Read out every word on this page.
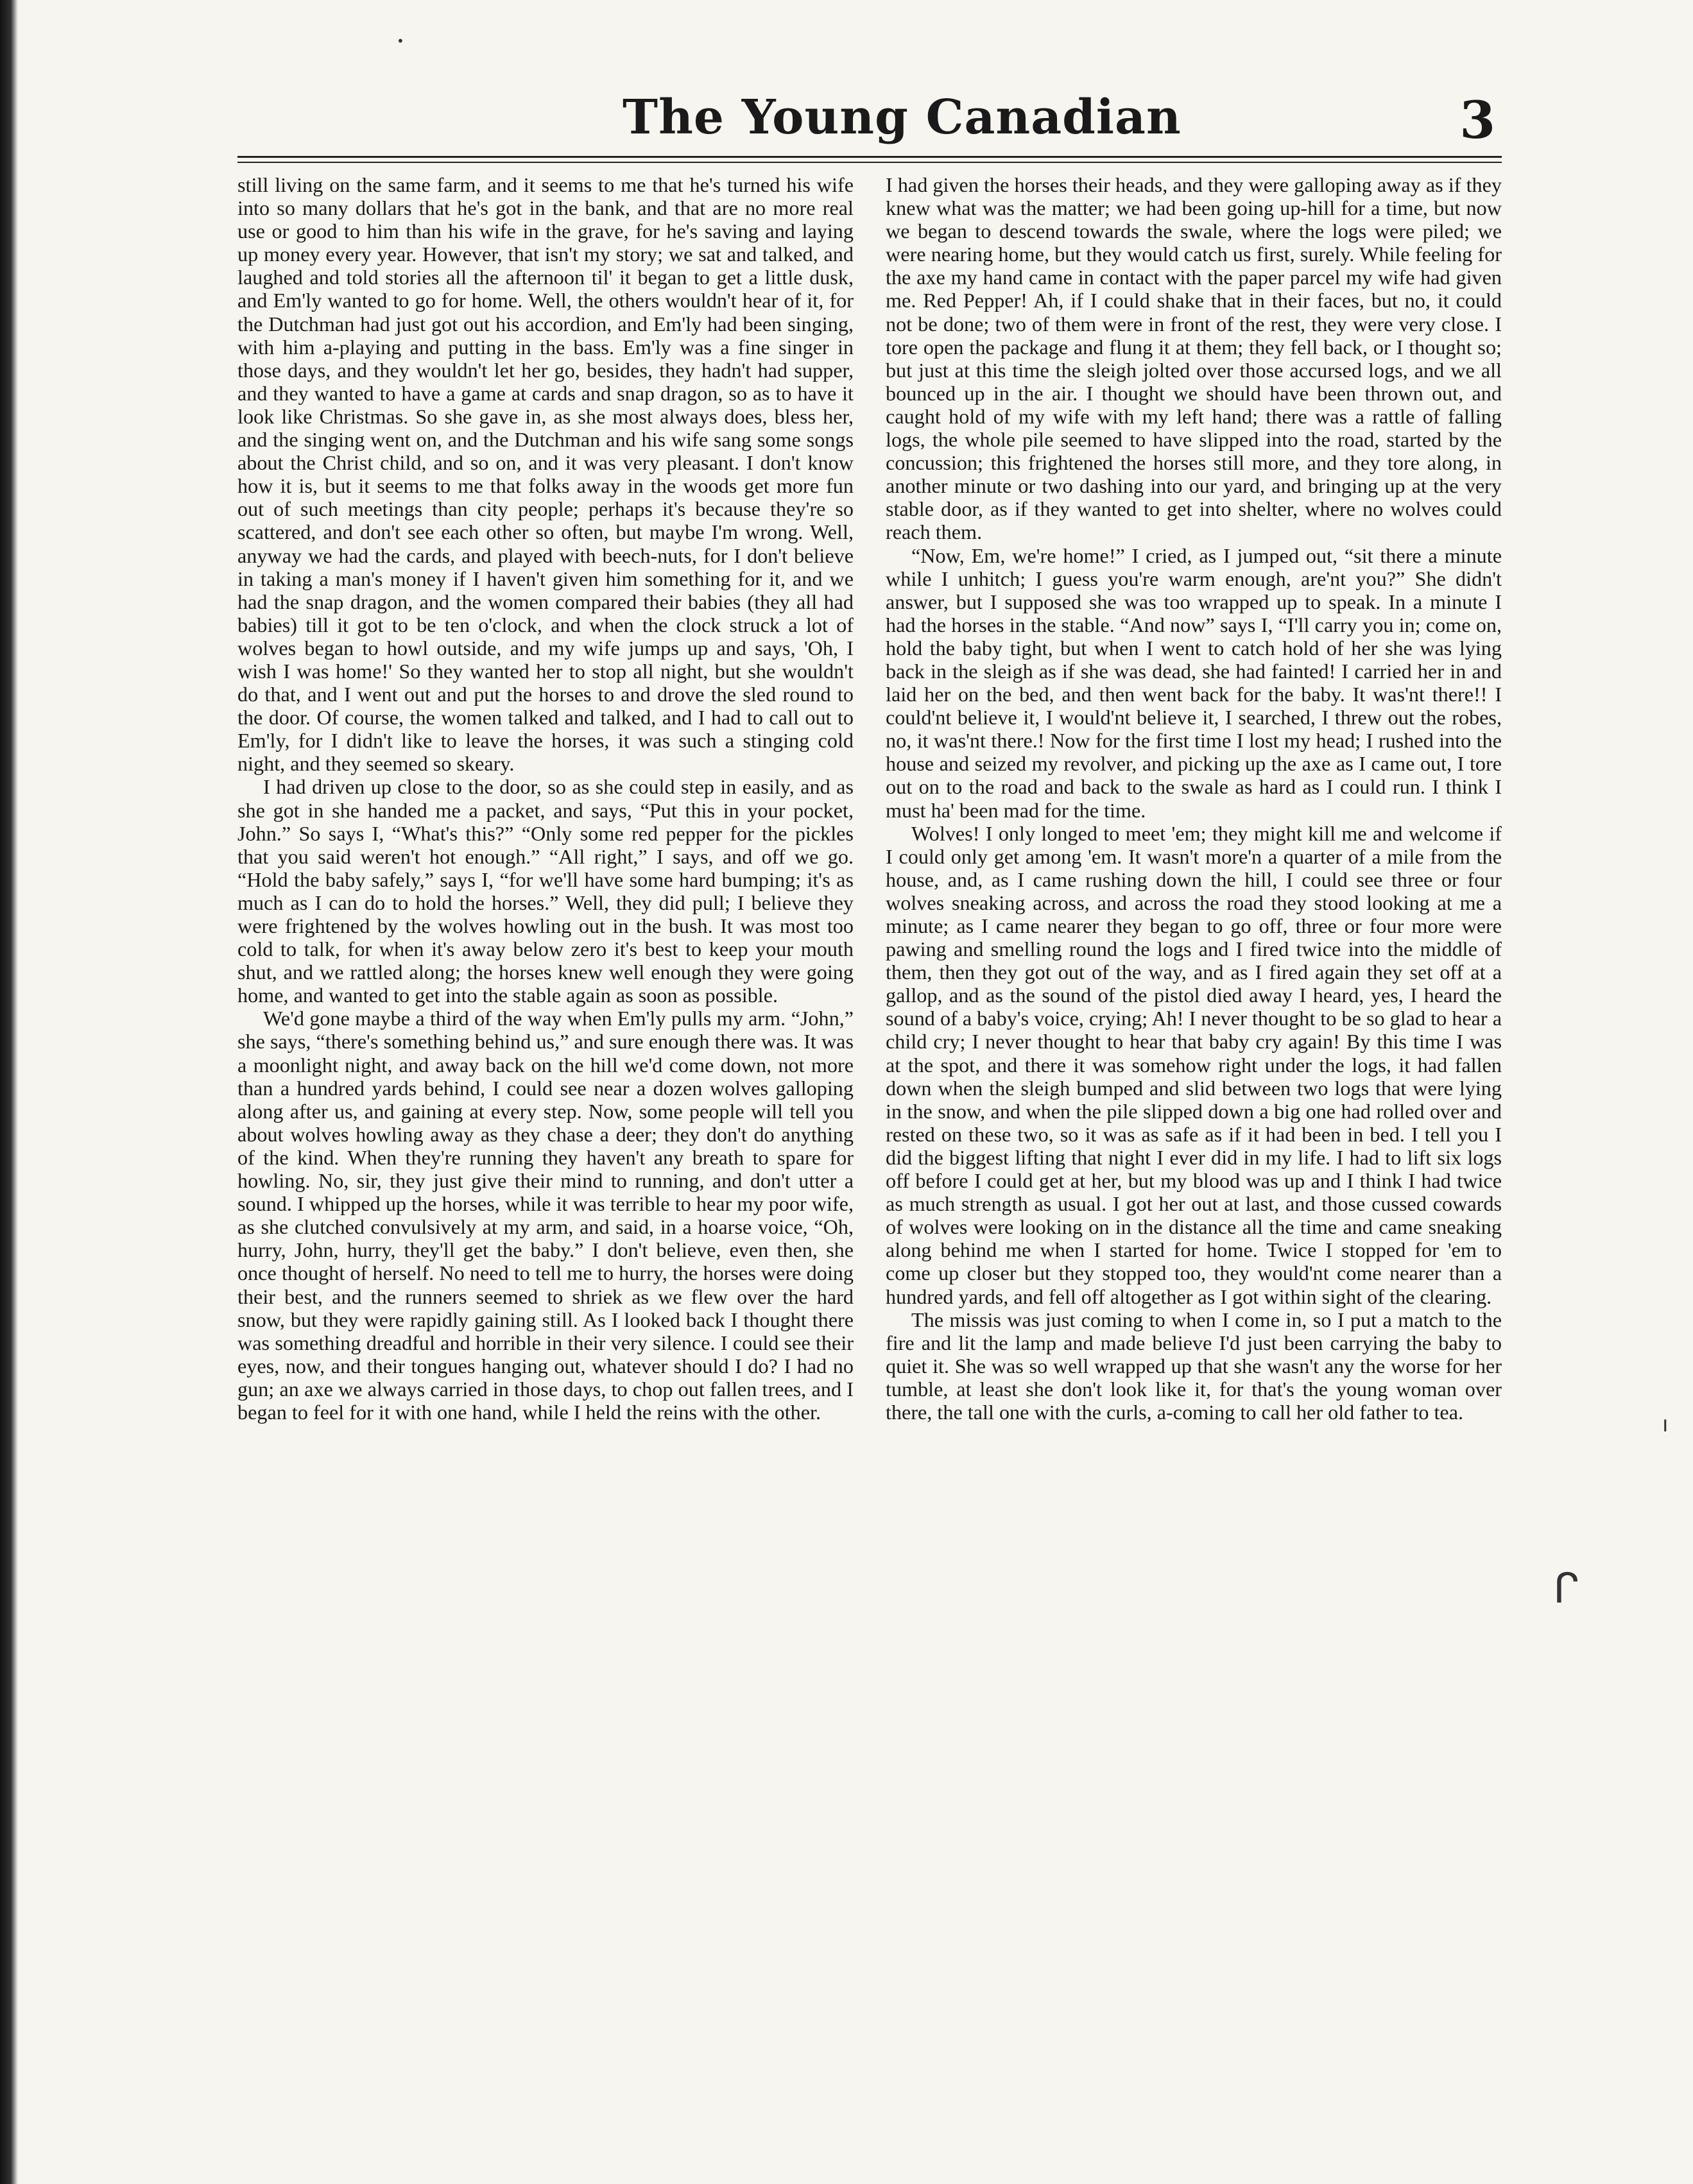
•
The Young Canadian	3

still living on the same farm, and it seems to me that he's turned his wife into so many dollars that he's got in the bank, and that are no more real use or good to him than his wife in the grave, for he's saving and laying up money every year. However, that isn't my story; we sat and talked, and laughed and told stories all the afternoon til' it began to get a little dusk, and Em'ly wanted to go for home. Well, the others wouldn't hear of it, for the Dutchman had just got out his accordion, and Em'ly had been singing, with him a-playing and putting in the bass. Em'ly was a fine singer in those days, and they wouldn't let her go, besides, they hadn't had supper, and they wanted to have a game at cards and snap dragon, so as to have it look like Christmas. So she gave in, as she most always does, bless her, and the singing went on, and the Dutchman and his wife sang some songs about the Christ child, and so on, and it was very pleasant. I don't know how it is, but it seems to me that folks away in the woods get more fun out of such meetings than city people; perhaps it's because they're so scattered, and don't see each other so often, but maybe I'm wrong. Well, anyway we had the cards, and played with beech-nuts, for I don't believe in taking a man's money if I haven't given him something for it, and we had the snap dragon, and the women compared their babies (they all had babies) till it got to be ten o'clock, and when the clock struck a lot of wolves began to howl outside, and my wife jumps up and says, 'Oh, I wish I was home!' So they wanted her to stop all night, but she wouldn't do that, and I went out and put the horses to and drove the sled round to the door. Of course, the women talked and talked, and I had to call out to Em'ly, for I didn't like to leave the horses, it was such a stinging cold night, and they seemed so skeary.

I had driven up close to the door, so as she could step in easily, and as she got in she handed me a packet, and says, “Put this in your pocket, John.” So says I, “What's this?” “Only some red pepper for the pickles that you said weren't hot enough.” “All right,” I says, and off we go. “Hold the baby safely,” says I, “for we'll have some hard bumping; it's as much as I can do to hold the horses.” Well, they did pull; I believe they were frightened by the wolves howling out in the bush. It was most too cold to talk, for when it's away below zero it's best to keep your mouth shut, and we rattled along; the horses knew well enough they were going home, and wanted to get into the stable again as soon as possible.

We'd gone maybe a third of the way when Em'ly pulls my arm. “John,” she says, “there's something behind us,” and sure enough there was. It was a moonlight night, and away back on the hill we'd come down, not more than a hundred yards behind, I could see near a dozen wolves galloping along after us, and gaining at every step. Now, some people will tell you about wolves howling away as they chase a deer; they don't do anything of the kind. When they're running they haven't any breath to spare for howling. No, sir, they just give their mind to running, and don't utter a sound. I whipped up the horses, while it was terrible to hear my poor wife, as she clutched convulsively at my arm, and said, in a hoarse voice, “Oh, hurry, John, hurry, they'll get the baby.” I don't believe, even then, she once thought of herself. No need to tell me to hurry, the horses were doing their best, and the runners seemed to shriek as we flew over the hard snow, but they were rapidly gaining still. As I looked back I thought there was something dreadful and horrible in their very silence. I could see their eyes, now, and their tongues hanging out, whatever should I do? I had no gun; an axe we always carried in those days, to chop out fallen trees, and I began to feel for it with one hand, while I held the reins with the other.

I had given the horses their heads, and they were galloping away as if they knew what was the matter; we had been going up-hill for a time, but now we began to descend towards the swale, where the logs were piled; we were nearing home, but they would catch us first, surely. While feeling for the axe my hand came in contact with the paper parcel my wife had given me. Red Pepper! Ah, if I could shake that in their faces, but no, it could not be done; two of them were in front of the rest, they were very close. I tore open the package and flung it at them; they fell back, or I thought so; but just at this time the sleigh jolted over those accursed logs, and we all bounced up in the air. I thought we should have been thrown out, and caught hold of my wife with my left hand; there was a rattle of falling logs, the whole pile seemed to have slipped into the road, started by the concussion; this frightened the horses still more, and they tore along, in another minute or two dashing into our yard, and bringing up at the very stable door, as if they wanted to get into shelter, where no wolves could reach them.

“Now, Em, we're home!” I cried, as I jumped out, “sit there a minute while I unhitch; I guess you're warm enough, are'nt you?” She didn't answer, but I supposed she was too wrapped up to speak. In a minute I had the horses in the stable. “And now” says I, “I'll carry you in; come on, hold the baby tight, but when I went to catch hold of her she was lying back in the sleigh as if she was dead, she had fainted! I carried her in and laid her on the bed, and then went back for the baby. It was'nt there!! I could'nt believe it, I would'nt believe it, I searched, I threw out the robes, no, it was'nt there.! Now for the first time I lost my head; I rushed into the house and seized my revolver, and picking up the axe as I came out, I tore out on to the road and back to the swale as hard as I could run. I think I must ha' been mad for the time.

Wolves! I only longed to meet 'em; they might kill me and welcome if I could only get among 'em. It wasn't more'n a quarter of a mile from the house, and, as I came rushing down the hill, I could see three or four wolves sneaking across, and across the road they stood looking at me a minute; as I came nearer they began to go off, three or four more were pawing and smelling round the logs and I fired twice into the middle of them, then they got out of the way, and as I fired again they set off at a gallop, and as the sound of the pistol died away I heard, yes, I heard the sound of a baby's voice, crying; Ah! I never thought to be so glad to hear a child cry; I never thought to hear that baby cry again! By this time I was at the spot, and there it was somehow right under the logs, it had fallen down when the sleigh bumped and slid between two logs that were lying in the snow, and when the pile slipped down a big one had rolled over and rested on these two, so it was as safe as if it had been in bed. I tell you I did the biggest lifting that night I ever did in my life. I had to lift six logs off before I could get at her, but my blood was up and I think I had twice as much strength as usual. I got her out at last, and those cussed cowards of wolves were looking on in the distance all the time and came sneaking along behind me when I started for home. Twice I stopped for 'em to come up closer but they stopped too, they would'nt come nearer than a hundred yards, and fell off altogether as I got within sight of the clearing.

The missis was just coming to when I come in, so I put a match to the fire and lit the lamp and made believe I'd just been carrying the baby to quiet it. She was so well wrapped up that she wasn't any the worse for her tumble, at least she don't look like it, for that's the young woman over there, the tall one with the curls, a-coming to call her old father to tea.	ı
ᒋ
